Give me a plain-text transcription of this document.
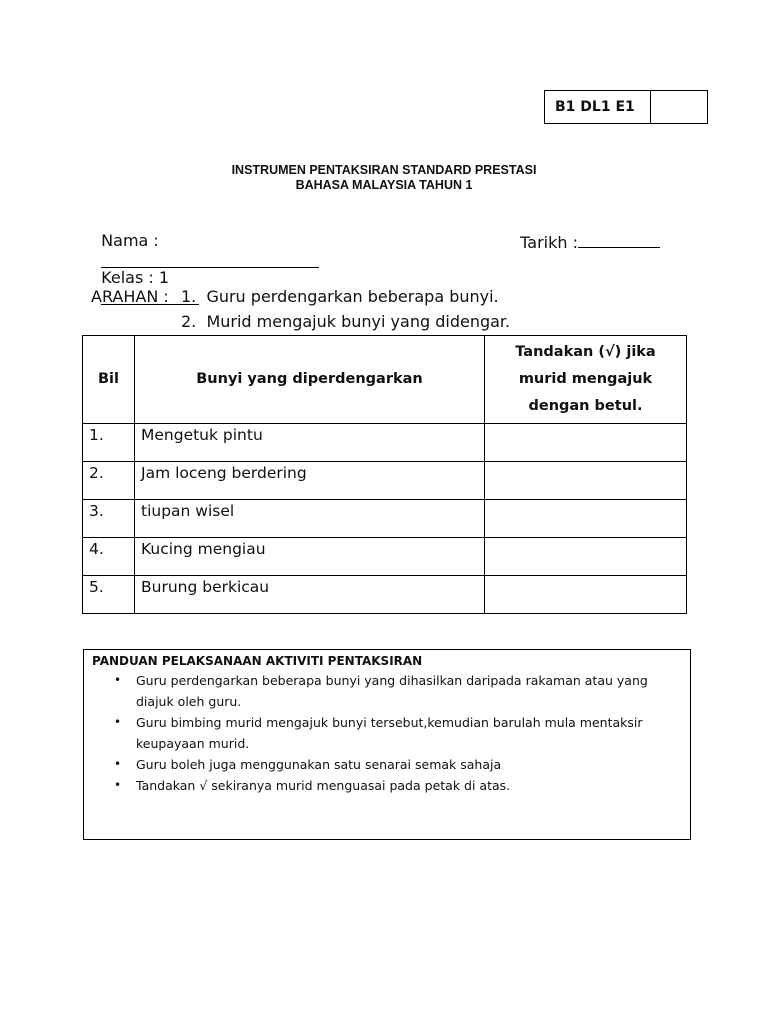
B1 DL1 E1
INSTRUMEN PENTAKSIRAN STANDARD PRESTASI
BAHASA MALAYSIA TAHUN 1

Nama :
	Tarikh :

Kelas : 1

ARAHAN : 1.  Guru perdengarkan beberapa bunyi.
2.  Murid mengajuk bunyi yang didengar.
Bil	Bunyi yang diperdengarkan	Tandakan (√) jika
murid mengajuk
dengan betul.

1.	Mengetuk pintu	
2.	Jam loceng berdering	
3.	tiupan wisel	
4.	Kucing mengiau	
5.	Burung berkicau	
PANDUAN PELAKSANAAN AKTIVITI PENTAKSIRAN
• Guru perdengarkan beberapa bunyi yang dihasilkan daripada rakaman atau yang diajuk oleh guru.
• Guru bimbing murid mengajuk bunyi tersebut,kemudian barulah mula mentaksir keupayaan murid.
• Guru boleh juga menggunakan satu senarai semak sahaja
• Tandakan √ sekiranya murid menguasai pada petak di atas.
